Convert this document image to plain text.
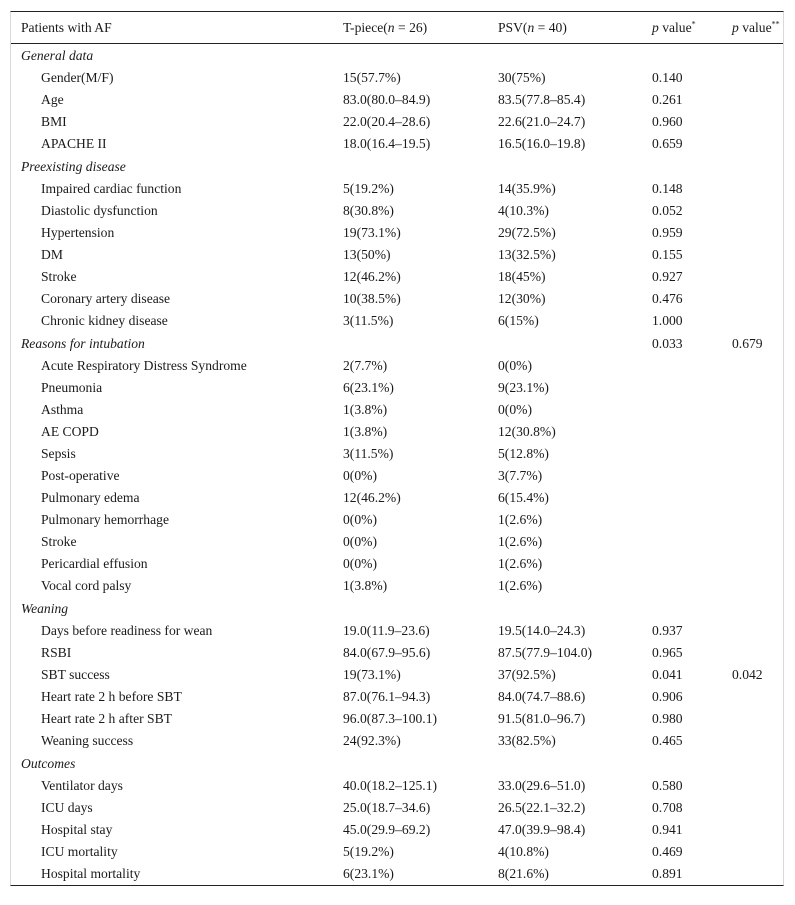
Patients with AF	T-piece(n = 26)	PSV(n = 40)	p value*	p value**
General data				
Gender(M/F)	15(57.7%)	30(75%)	0.140	
Age	83.0(80.0–84.9)	83.5(77.8–85.4)	0.261	
BMI	22.0(20.4–28.6)	22.6(21.0–24.7)	0.960	
APACHE II	18.0(16.4–19.5)	16.5(16.0–19.8)	0.659	
Preexisting disease				
Impaired cardiac function	5(19.2%)	14(35.9%)	0.148	
Diastolic dysfunction	8(30.8%)	4(10.3%)	0.052	
Hypertension	19(73.1%)	29(72.5%)	0.959	
DM	13(50%)	13(32.5%)	0.155	
Stroke	12(46.2%)	18(45%)	0.927	
Coronary artery disease	10(38.5%)	12(30%)	0.476	
Chronic kidney disease	3(11.5%)	6(15%)	1.000	
Reasons for intubation			0.033	0.679
Acute Respiratory Distress Syndrome	2(7.7%)	0(0%)		
Pneumonia	6(23.1%)	9(23.1%)		
Asthma	1(3.8%)	0(0%)		
AE COPD	1(3.8%)	12(30.8%)		
Sepsis	3(11.5%)	5(12.8%)		
Post-operative	0(0%)	3(7.7%)		
Pulmonary edema	12(46.2%)	6(15.4%)		
Pulmonary hemorrhage	0(0%)	1(2.6%)		
Stroke	0(0%)	1(2.6%)		
Pericardial effusion	0(0%)	1(2.6%)		
Vocal cord palsy	1(3.8%)	1(2.6%)		
Weaning				
Days before readiness for wean	19.0(11.9–23.6)	19.5(14.0–24.3)	0.937	
RSBI	84.0(67.9–95.6)	87.5(77.9–104.0)	0.965	
SBT success	19(73.1%)	37(92.5%)	0.041	0.042
Heart rate 2 h before SBT	87.0(76.1–94.3)	84.0(74.7–88.6)	0.906	
Heart rate 2 h after SBT	96.0(87.3–100.1)	91.5(81.0–96.7)	0.980	
Weaning success	24(92.3%)	33(82.5%)	0.465	
Outcomes				
Ventilator days	40.0(18.2–125.1)	33.0(29.6–51.0)	0.580	
ICU days	25.0(18.7–34.6)	26.5(22.1–32.2)	0.708	
Hospital stay	45.0(29.9–69.2)	47.0(39.9–98.4)	0.941	
ICU mortality	5(19.2%)	4(10.8%)	0.469	
Hospital mortality	6(23.1%)	8(21.6%)	0.891	
